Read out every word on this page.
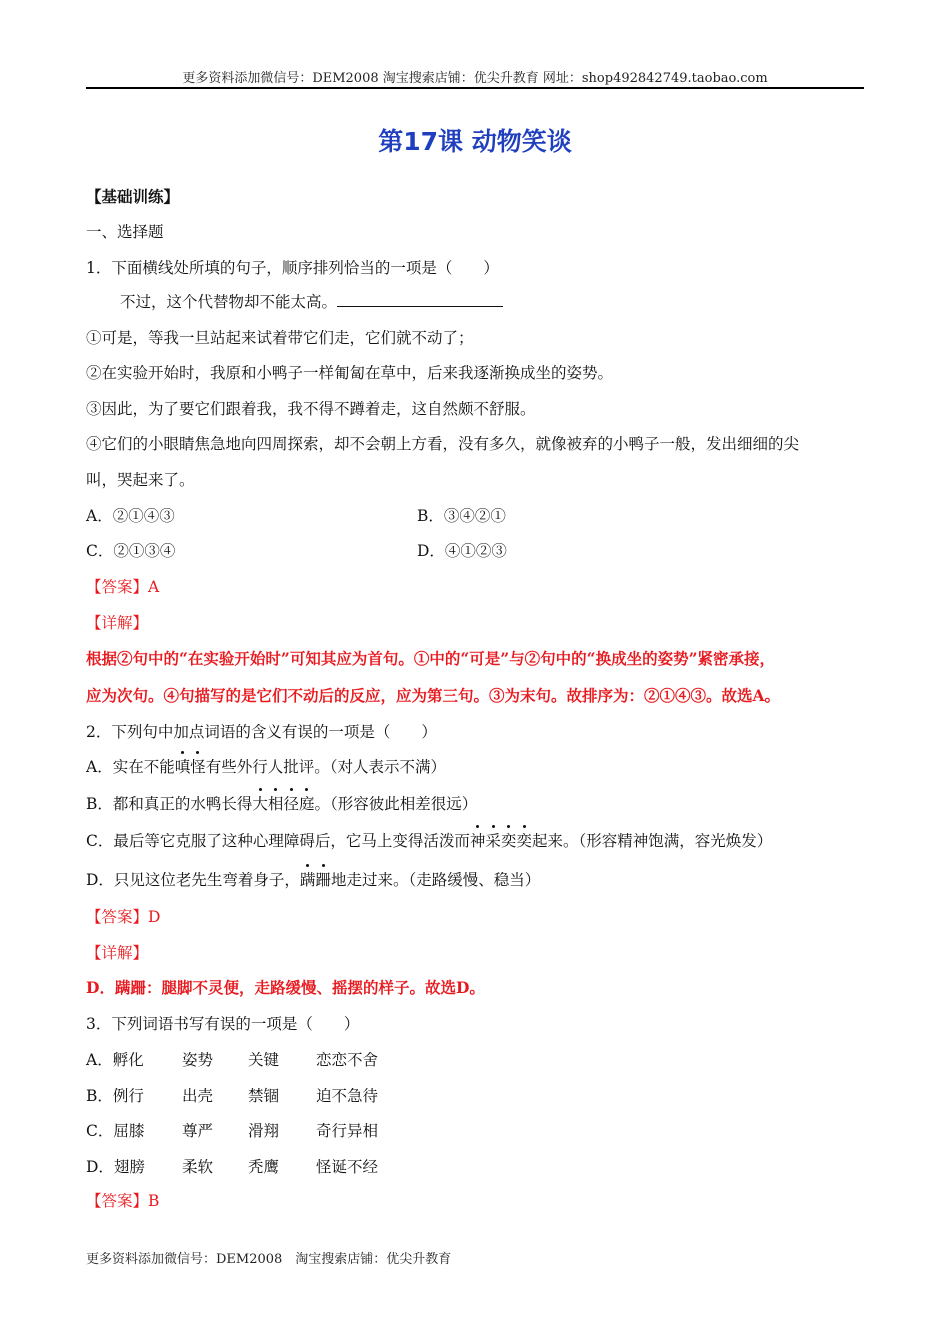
更多资料添加微信号：DEM2008 淘宝搜索店铺：优尖升教育 网址：shop492842749.taobao.com
第17课 动物笑谈
【基础训练】
一、选择题
1．下面横线处所填的句子，顺序排列恰当的一项是（　　）
不过，这个代替物却不能太高。
①可是，等我一旦站起来试着带它们走，它们就不动了；
②在实验开始时，我原和小鸭子一样匍匐在草中，后来我逐渐换成坐的姿势。
③因此，为了要它们跟着我，我不得不蹲着走，这自然颇不舒服。
④它们的小眼睛焦急地向四周探索，却不会朝上方看，没有多久，就像被弃的小鸭子一般，发出细细的尖
叫，哭起来了。
A．②①④③	B．③④②①
C．②①③④	D．④①②③
【答案】A
【详解】
根据②句中的“在实验开始时”可知其应为首句。①中的“可是”与②句中的“换成坐的姿势”紧密承接，
应为次句。④句描写的是它们不动后的反应，应为第三句。③为末句。故排序为：②①④③。故选A。
2．下列句中加点词语的含义有误的一项是（　　）
A．实在不能嗔怪有些外行人批评。（对人表示不满）
B．都和真正的水鸭长得大相径庭。（形容彼此相差很远）
C．最后等它克服了这种心理障碍后，它马上变得活泼而神采奕奕起来。（形容精神饱满，容光焕发）
D．只见这位老先生弯着身子，蹒跚地走过来。（走路缓慢、稳当）
【答案】D
【详解】
D．蹒跚：腿脚不灵便，走路缓慢、摇摆的样子。故选D。
3．下列词语书写有误的一项是（　　）
A．孵化 姿势 关键 恋恋不舍
B．例行 出壳 禁锢 迫不急待
C．屈膝 尊严 滑翔 奇行异相
D．翅膀 柔软 秃鹰 怪诞不经
【答案】B
更多资料添加微信号：DEM2008　淘宝搜索店铺：优尖升教育
